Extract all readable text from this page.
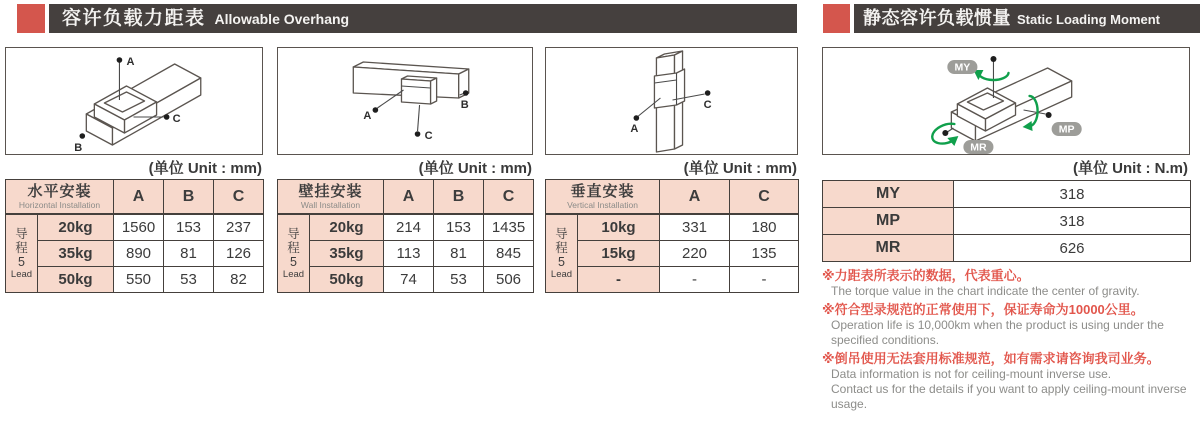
容许负载力距表 Allowable Overhang	静态容许负载惯量 Static Loading Moment
A
C
B
A
C
B
A
C
MY
MP
MR
(单位 Unit : mm)	(单位 Unit : mm)	(单位 Unit : mm)	(单位 Unit : N.m)
水平安装
Horizontal Installation		A	B	C

导
程
5
Lead	20kg	1560	153	237
	35kg	890	81	126
	50kg	550	53	82
壁挂安装
Wall Installation		A	B	C

导
程
5
Lead	20kg	214	153	1435
	35kg	113	81	845
	50kg	74	53	506
垂直安装
Vertical Installation		A	C

导
程
5
Lead	10kg	331	180
	15kg	220	135
	-	-	-
MY	318
MP	318
MR	626
※力距表所表示的数据，代表重心。
The torque value in the chart indicate the center of gravity.
※符合型录规范的正常使用下，保证寿命为10000公里。
Operation life is 10,000km when the product is using under the specified conditions.
※倒吊使用无法套用标准规范，如有需求请咨询我司业务。
Data information is not for ceiling-mount inverse use.
Contact us for the details if you want to apply ceiling-mount inverse usage.
